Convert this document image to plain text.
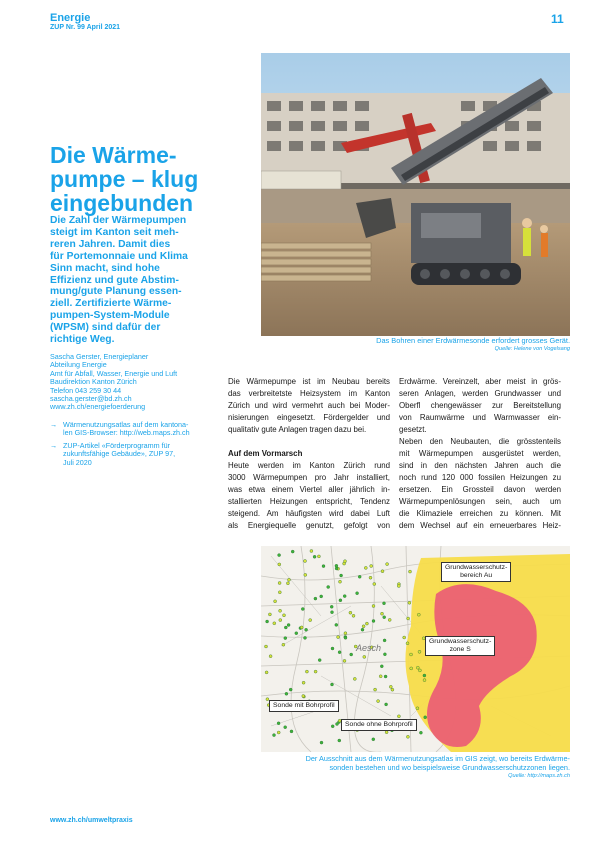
Energie
ZUP Nr. 99 April 2021
11
Die Wärme-
pumpe – klug
eingebunden
Die Zahl der Wärmepumpen
steigt im Kanton seit meh-
reren Jahren. Damit dies
für Portemonnaie und Klima
Sinn macht, sind hohe
Effizienz und gute Abstim-
mung/gute Planung essen-
ziell. Zertifizierte Wärme-
pumpen-System-Module
(WPSM) sind dafür der
richtige Weg.
Sascha Gerster, Energieplaner
Abteilung Energie
Amt für Abfall, Wasser, Energie und Luft
Baudirektion Kanton Zürich
Telefon 043 259 30 44
sascha.gerster@bd.zh.ch
www.zh.ch/energiefoerderung
→ Wärmenutzungsatlas auf dem kantona-
len GIS-Browser: http://web.maps.zh.ch
→ ZUP-Artikel «Förderprogramm für
zukunftsfähige Gebäude», ZUP 97,
Juli 2020
Das Bohren einer Erdwärmesonde erfordert grosses Gerät.
Quelle: Helene von Vogelsang
Die Wärmepumpe ist im Neubau bereits
das verbreitetste Heizsystem im Kanton
Zürich und wird vermehrt auch bei Moder-
nisierungen eingesetzt. Fördergelder und
qualitativ gute Anlagen tragen dazu bei.
Auf dem Vormarsch
Heute werden im Kanton Zürich rund
3000 Wärmepumpen pro Jahr installiert,
was etwa einem Viertel aller jährlich in-
stallierten Heizungen entspricht, Tendenz
steigend. Am häufigsten wird dabei Luft
als Energiequelle genutzt, gefolgt von
Erdwärme. Vereinzelt, aber meist in grös-
seren Anlagen, werden Grundwasser und
Oberfl chengewässer zur Bereitstellung
von Raumwärme und Warmwasser ein-
gesetzt.
Neben den Neubauten, die grösstenteils
mit Wärmepumpen ausgerüstet werden,
sind in den nächsten Jahren auch die
noch rund 120 000 fossilen Heizungen zu
ersetzen. Ein Grossteil davon werden
Wärmepumpenlösungen sein, auch um
die Klimaziele erreichen zu können. Mit
dem Wechsel auf ein erneuerbares Heiz-
Aesch
Grundwasserschutz-
bereich Au
Grundwasserschutz-
zone S
Sonde mit Bohrprofil
Sonde ohne Bohrprofil
Der Ausschnitt aus dem Wärmenutzungsatlas im GIS zeigt, wo bereits Erdwärme-
sonden bestehen und wo beispielsweise Grundwasserschutzzonen liegen.
Quelle: http://maps.zh.ch
www.zh.ch/umweltpraxis
